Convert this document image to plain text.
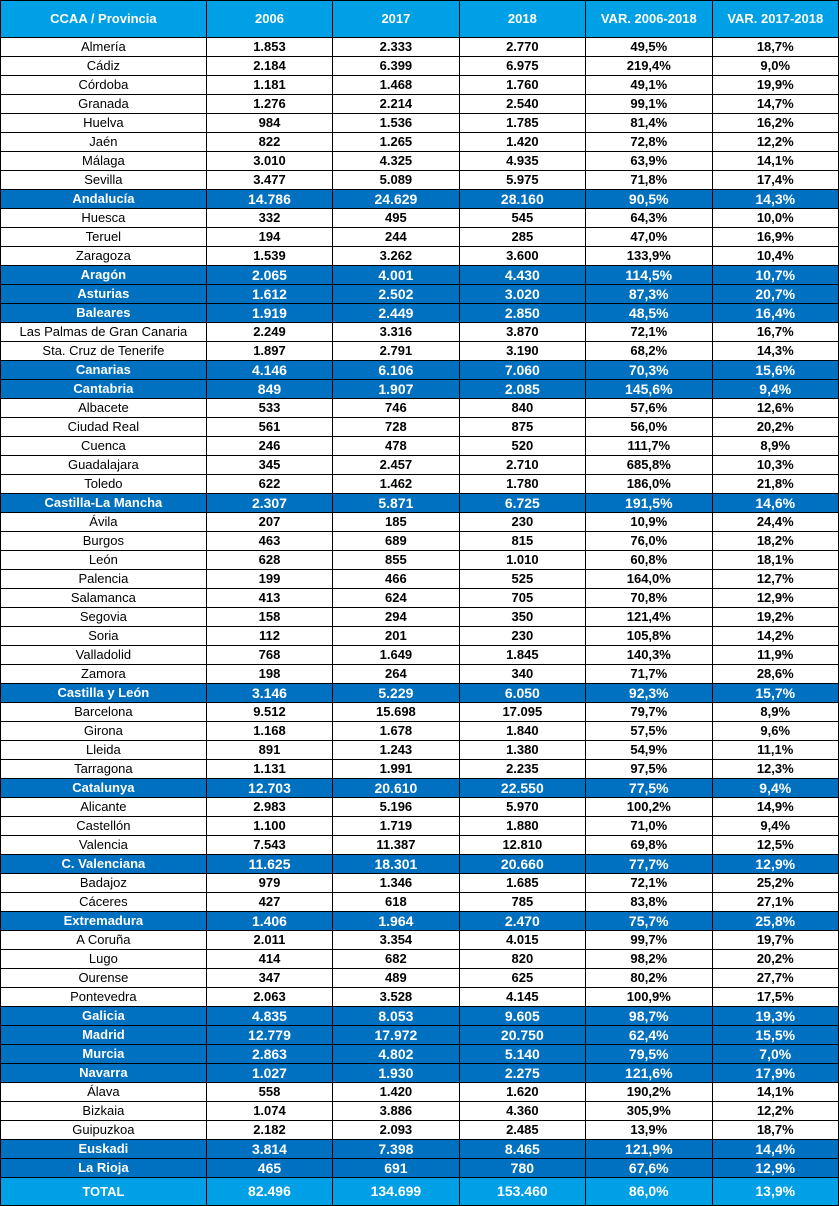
CCAA / Provincia	2006	2017	2018	VAR. 2006-2018	VAR. 2017-2018
Almería	1.853	2.333	2.770	49,5%	18,7%
Cádiz	2.184	6.399	6.975	219,4%	9,0%
Córdoba	1.181	1.468	1.760	49,1%	19,9%
Granada	1.276	2.214	2.540	99,1%	14,7%
Huelva	984	1.536	1.785	81,4%	16,2%
Jaén	822	1.265	1.420	72,8%	12,2%
Málaga	3.010	4.325	4.935	63,9%	14,1%
Sevilla	3.477	5.089	5.975	71,8%	17,4%
Andalucía	14.786	24.629	28.160	90,5%	14,3%
Huesca	332	495	545	64,3%	10,0%
Teruel	194	244	285	47,0%	16,9%
Zaragoza	1.539	3.262	3.600	133,9%	10,4%
Aragón	2.065	4.001	4.430	114,5%	10,7%
Asturias	1.612	2.502	3.020	87,3%	20,7%
Baleares	1.919	2.449	2.850	48,5%	16,4%
Las Palmas de Gran Canaria	2.249	3.316	3.870	72,1%	16,7%
Sta. Cruz de Tenerife	1.897	2.791	3.190	68,2%	14,3%
Canarias	4.146	6.106	7.060	70,3%	15,6%
Cantabria	849	1.907	2.085	145,6%	9,4%
Albacete	533	746	840	57,6%	12,6%
Ciudad Real	561	728	875	56,0%	20,2%
Cuenca	246	478	520	111,7%	8,9%
Guadalajara	345	2.457	2.710	685,8%	10,3%
Toledo	622	1.462	1.780	186,0%	21,8%
Castilla-La Mancha	2.307	5.871	6.725	191,5%	14,6%
Ávila	207	185	230	10,9%	24,4%
Burgos	463	689	815	76,0%	18,2%
León	628	855	1.010	60,8%	18,1%
Palencia	199	466	525	164,0%	12,7%
Salamanca	413	624	705	70,8%	12,9%
Segovia	158	294	350	121,4%	19,2%
Soria	112	201	230	105,8%	14,2%
Valladolid	768	1.649	1.845	140,3%	11,9%
Zamora	198	264	340	71,7%	28,6%
Castilla y León	3.146	5.229	6.050	92,3%	15,7%
Barcelona	9.512	15.698	17.095	79,7%	8,9%
Girona	1.168	1.678	1.840	57,5%	9,6%
Lleida	891	1.243	1.380	54,9%	11,1%
Tarragona	1.131	1.991	2.235	97,5%	12,3%
Catalunya	12.703	20.610	22.550	77,5%	9,4%
Alicante	2.983	5.196	5.970	100,2%	14,9%
Castellón	1.100	1.719	1.880	71,0%	9,4%
Valencia	7.543	11.387	12.810	69,8%	12,5%
C. Valenciana	11.625	18.301	20.660	77,7%	12,9%
Badajoz	979	1.346	1.685	72,1%	25,2%
Cáceres	427	618	785	83,8%	27,1%
Extremadura	1.406	1.964	2.470	75,7%	25,8%
A Coruña	2.011	3.354	4.015	99,7%	19,7%
Lugo	414	682	820	98,2%	20,2%
Ourense	347	489	625	80,2%	27,7%
Pontevedra	2.063	3.528	4.145	100,9%	17,5%
Galicia	4.835	8.053	9.605	98,7%	19,3%
Madrid	12.779	17.972	20.750	62,4%	15,5%
Murcia	2.863	4.802	5.140	79,5%	7,0%
Navarra	1.027	1.930	2.275	121,6%	17,9%
Álava	558	1.420	1.620	190,2%	14,1%
Bizkaia	1.074	3.886	4.360	305,9%	12,2%
Guipuzkoa	2.182	2.093	2.485	13,9%	18,7%
Euskadi	3.814	7.398	8.465	121,9%	14,4%
La Rioja	465	691	780	67,6%	12,9%
TOTAL	82.496	134.699	153.460	86,0%	13,9%
